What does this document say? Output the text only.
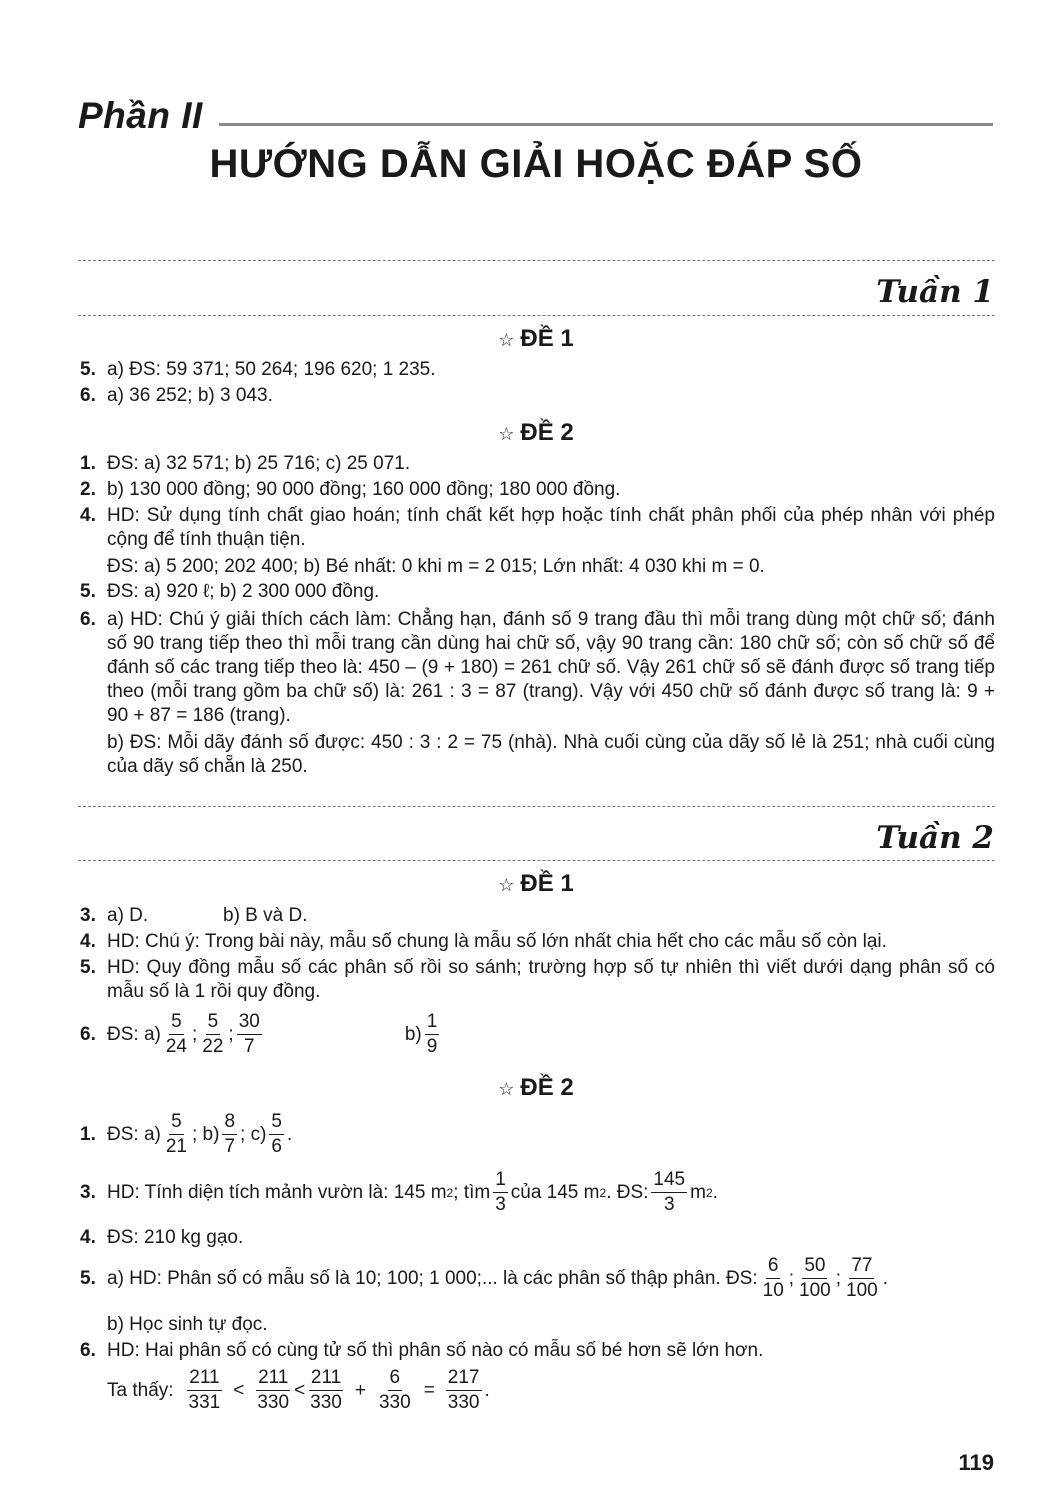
Phần II
HƯỚNG DẪN GIẢI HOẶC ĐÁP SỐ
Tuần 1
☆ ĐỀ 1
5. a) ĐS: 59 371; 50 264; 196 620; 1 235.
6. a) 36 252; b) 3 043.
☆ ĐỀ 2
1. ĐS: a) 32 571; b) 25 716; c) 25 071.
2. b) 130 000 đồng; 90 000 đồng; 160 000 đồng; 180 000 đồng.
4. HD: Sử dụng tính chất giao hoán; tính chất kết hợp hoặc tính chất phân phối của phép nhân với phép cộng để tính thuận tiện.
ĐS: a) 5 200; 202 400; b) Bé nhất: 0 khi m = 2 015; Lớn nhất: 4 030 khi m = 0.
5. ĐS: a) 920 ℓ; b) 2 300 000 đồng.
6. a) HD: Chú ý giải thích cách làm: Chẳng hạn, đánh số 9 trang đầu thì mỗi trang dùng một chữ số; đánh số 90 trang tiếp theo thì mỗi trang cần dùng hai chữ số, vậy 90 trang cần: 180 chữ số; còn số chữ số để đánh số các trang tiếp theo là: 450 – (9 + 180) = 261 chữ số. Vậy 261 chữ số sẽ đánh được số trang tiếp theo (mỗi trang gồm ba chữ số) là: 261 : 3 = 87 (trang). Vậy với 450 chữ số đánh được số trang là: 9 + 90 + 87 = 186 (trang).
b) ĐS: Mỗi dãy đánh số được: 450 : 3 : 2 = 75 (nhà). Nhà cuối cùng của dãy số lẻ là 251; nhà cuối cùng của dãy số chẵn là 250.
Tuần 2
☆ ĐỀ 1
3. a) D.	b) B và D.
4. HD: Chú ý: Trong bài này, mẫu số chung là mẫu số lớn nhất chia hết cho các mẫu số còn lại.
5. HD: Quy đồng mẫu số các phân số rồi so sánh; trường hợp số tự nhiên thì viết dưới dạng phân số có mẫu số là 1 rồi quy đồng.
6. ĐS: $a) \frac{5}{24}$ ; $\frac{5}{22}$ ; $\frac{30}{7}$	$b) \frac{1}{9}$
☆ ĐỀ 2
1. ĐS: $a) \frac{5}{21}$ ; $b) \frac{8}{7}$ ; $c) \frac{5}{6}$ .
3. HD: Tính diện tích mảnh vườn là: 145 m 2 ; tìm $\frac{1}{3}$ của 145 m 2 . ĐS: $\frac{145}{3}$ m 2 .
4. ĐS: 210 kg gạo.
5. a) HD: Phân số có mẫu số là 10; 100; 1 000;... là các phân số thập phân. ĐS: $\frac{6}{10}$ ; $\frac{50}{100}$ ; $\frac{77}{100}$ .
b) Học sinh tự đọc.
6. HD: Hai phân số có cùng tử số thì phân số nào có mẫu số bé hơn sẽ lớn hơn.
Ta thấy: $\frac{211}{331} < \frac{211}{330} < \frac{211}{330} + \frac{6}{330} = \frac{217}{330}$ .
119
